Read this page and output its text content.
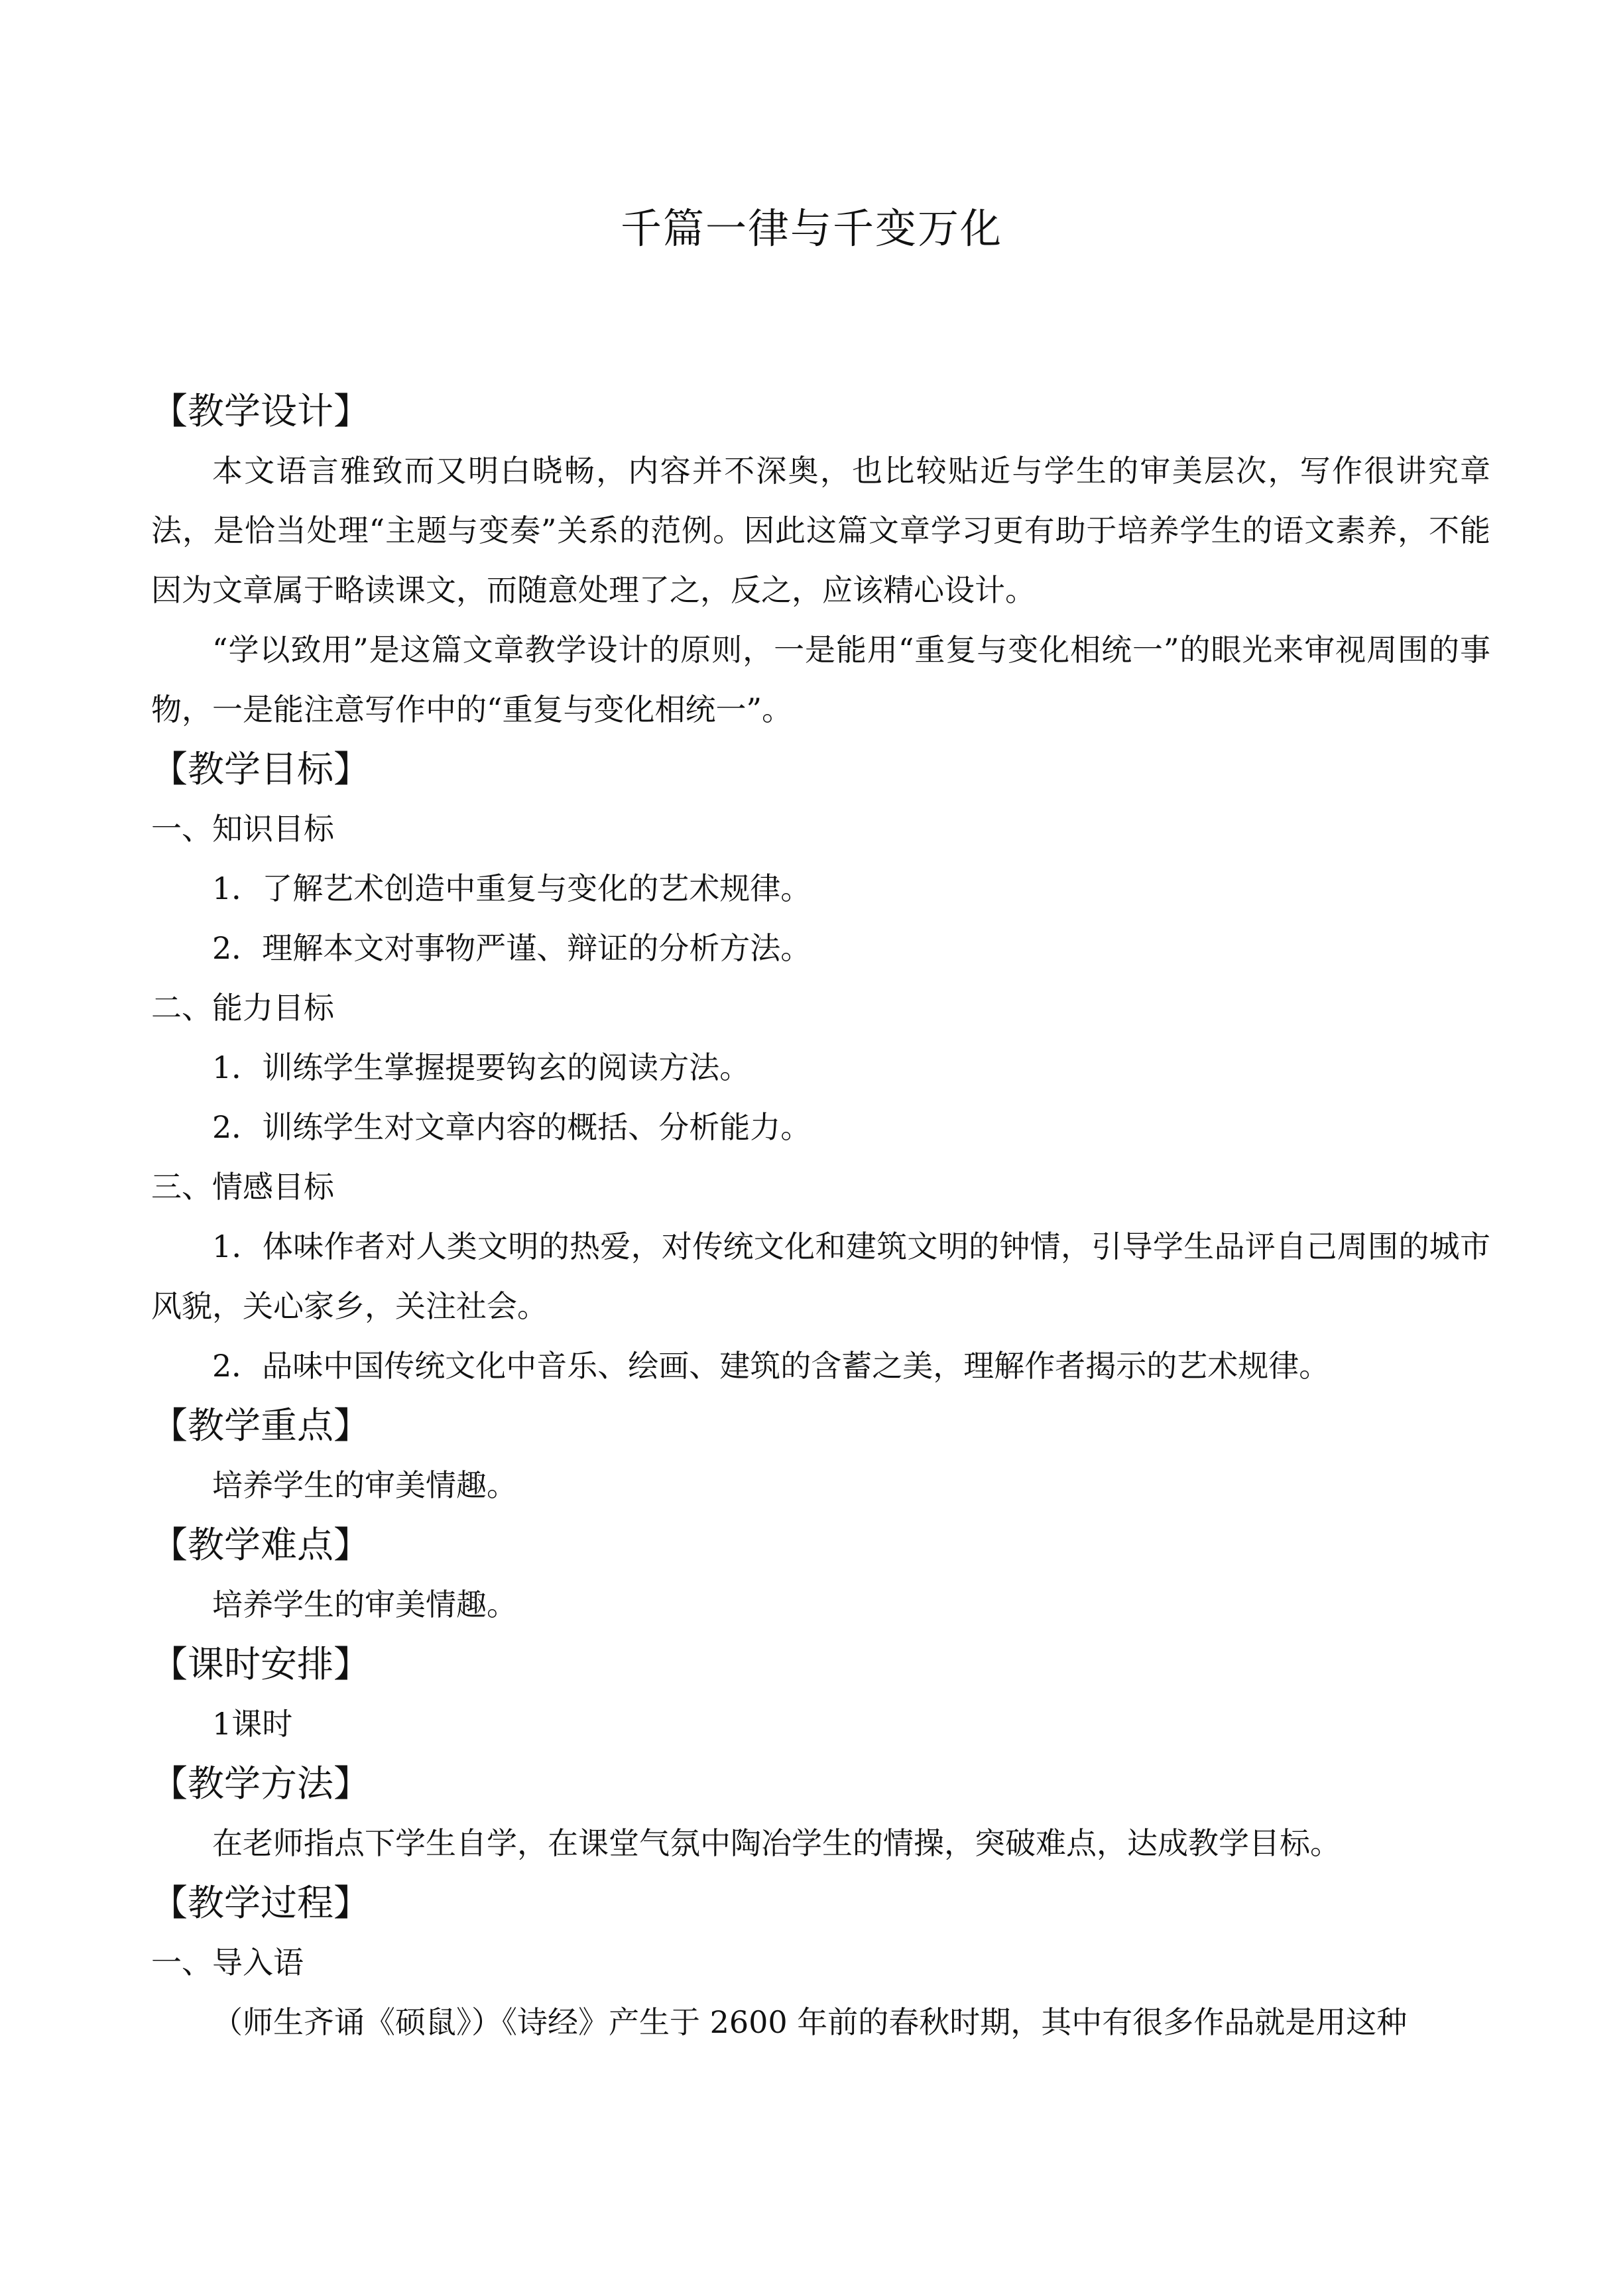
千篇一律与千变万化

【教学设计】

本文语言雅致而又明白晓畅，内容并不深奥，也比较贴近与学生的审美层次，写作很讲究章法，是恰当处理“主题与变奏”关系的范例。因此这篇文章学习更有助于培养学生的语文素养，不能因为文章属于略读课文，而随意处理了之，反之，应该精心设计。

“学以致用”是这篇文章教学设计的原则，一是能用“重复与变化相统一”的眼光来审视周围的事物，一是能注意写作中的“重复与变化相统一”。

【教学目标】

一、知识目标

1．了解艺术创造中重复与变化的艺术规律。

2．理解本文对事物严谨、辩证的分析方法。

二、能力目标

1．训练学生掌握提要钩玄的阅读方法。

2．训练学生对文章内容的概括、分析能力。

三、情感目标

1．体味作者对人类文明的热爱，对传统文化和建筑文明的钟情，引导学生品评自己周围的城市风貌，关心家乡，关注社会。

2．品味中国传统文化中音乐、绘画、建筑的含蓄之美，理解作者揭示的艺术规律。

【教学重点】

培养学生的审美情趣。

【教学难点】

培养学生的审美情趣。

【课时安排】

1课时

【教学方法】

在老师指点下学生自学，在课堂气氛中陶冶学生的情操，突破难点，达成教学目标。

【教学过程】

一、导入语

（师生齐诵《硕鼠》）《诗经》产生于 2600 年前的春秋时期，其中有很多作品就是用这种
